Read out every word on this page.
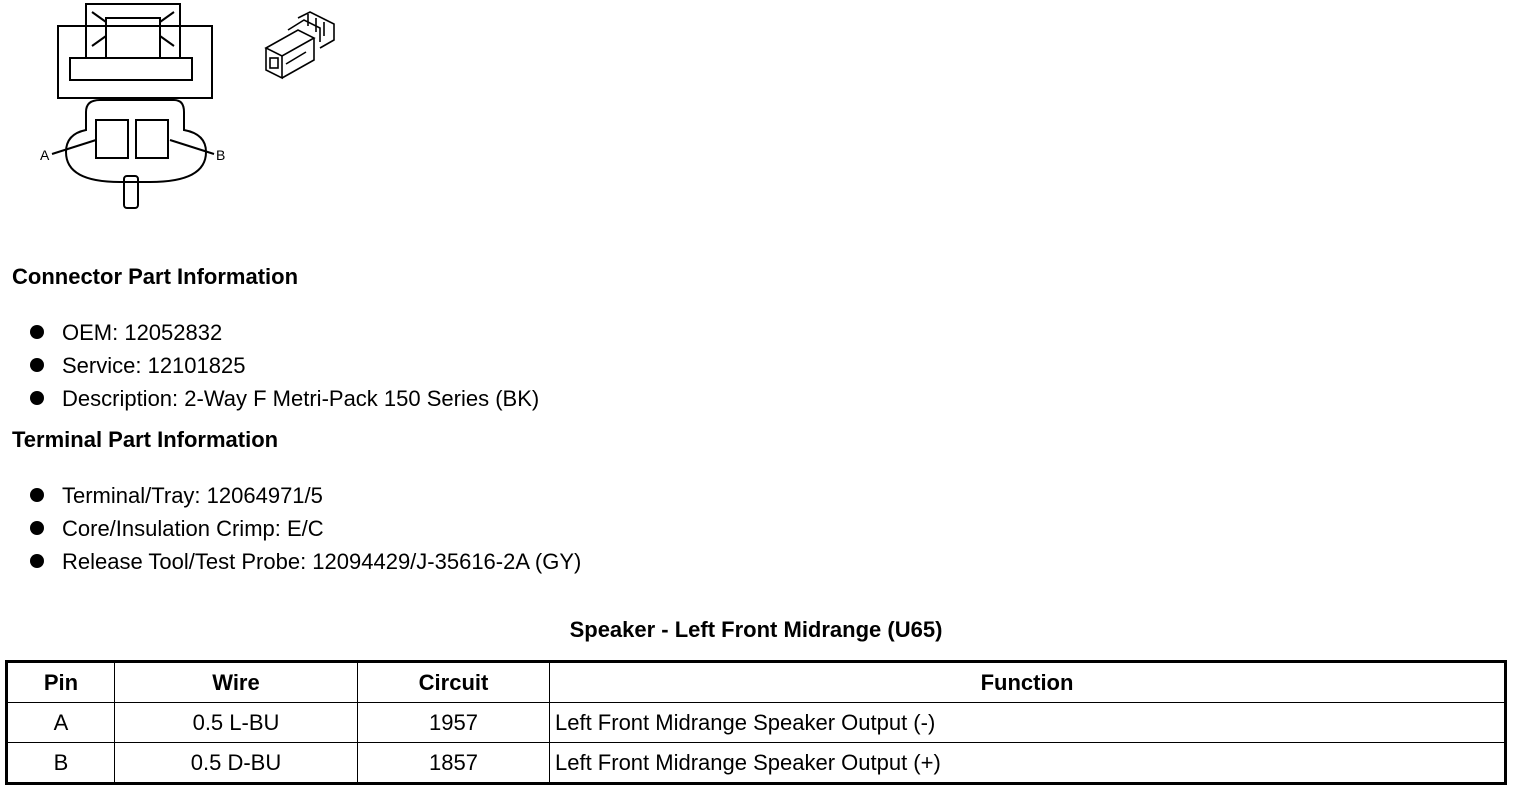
A	B
Connector Part Information
OEM: 12052832
Service: 12101825
Description: 2-Way F Metri-Pack 150 Series (BK)
Terminal Part Information
Terminal/Tray: 12064971/5
Core/Insulation Crimp: E/C
Release Tool/Test Probe: 12094429/J-35616-2A (GY)
Speaker - Left Front Midrange (U65)
Pin	Wire	Circuit	Function
A	0.5 L-BU	1957	Left Front Midrange Speaker Output (-)
B	0.5 D-BU	1857	Left Front Midrange Speaker Output (+)
